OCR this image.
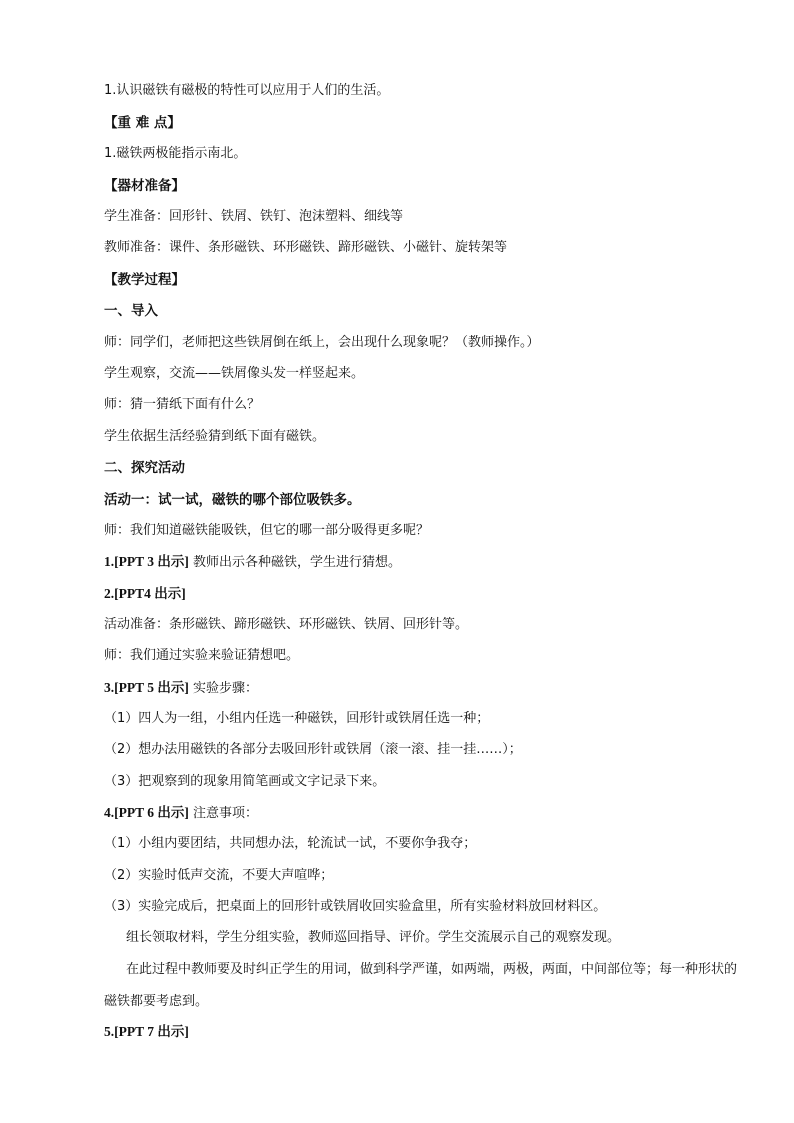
1.认识磁铁有磁极的特性可以应用于人们的生活。
【重 难 点】
1.磁铁两极能指示南北。
【器材准备】
学生准备：回形针、铁屑、铁钉、泡沫塑料、细线等
教师准备：课件、条形磁铁、环形磁铁、蹄形磁铁、小磁针、旋转架等
【教学过程】
一、导入
师：同学们，老师把这些铁屑倒在纸上，会出现什么现象呢？（教师操作。）
学生观察，交流——铁屑像头发一样竖起来。
师：猜一猜纸下面有什么？
学生依据生活经验猜到纸下面有磁铁。
二、探究活动
活动一：试一试，磁铁的哪个部位吸铁多。
师：我们知道磁铁能吸铁，但它的哪一部分吸得更多呢？
1.[PPT 3 出示] 教师出示各种磁铁，学生进行猜想。
2.[PPT4 出示]
活动准备：条形磁铁、蹄形磁铁、环形磁铁、铁屑、回形针等。
师：我们通过实验来验证猜想吧。
3.[PPT 5 出示] 实验步骤：
（1）四人为一组，小组内任选一种磁铁，回形针或铁屑任选一种；
（2）想办法用磁铁的各部分去吸回形针或铁屑（滚一滚、挂一挂……）；
（3）把观察到的现象用简笔画或文字记录下来。
4.[PPT 6 出示] 注意事项：
（1）小组内要团结，共同想办法，轮流试一试，不要你争我夺；
（2）实验时低声交流，不要大声喧哗；
（3）实验完成后，把桌面上的回形针或铁屑收回实验盒里，所有实验材料放回材料区。
组长领取材料，学生分组实验，教师巡回指导、评价。学生交流展示自己的观察发现。
在此过程中教师要及时纠正学生的用词，做到科学严谨，如两端，两极，两面，中间部位等；每一种形状的磁铁都要考虑到。
5.[PPT 7 出示]
